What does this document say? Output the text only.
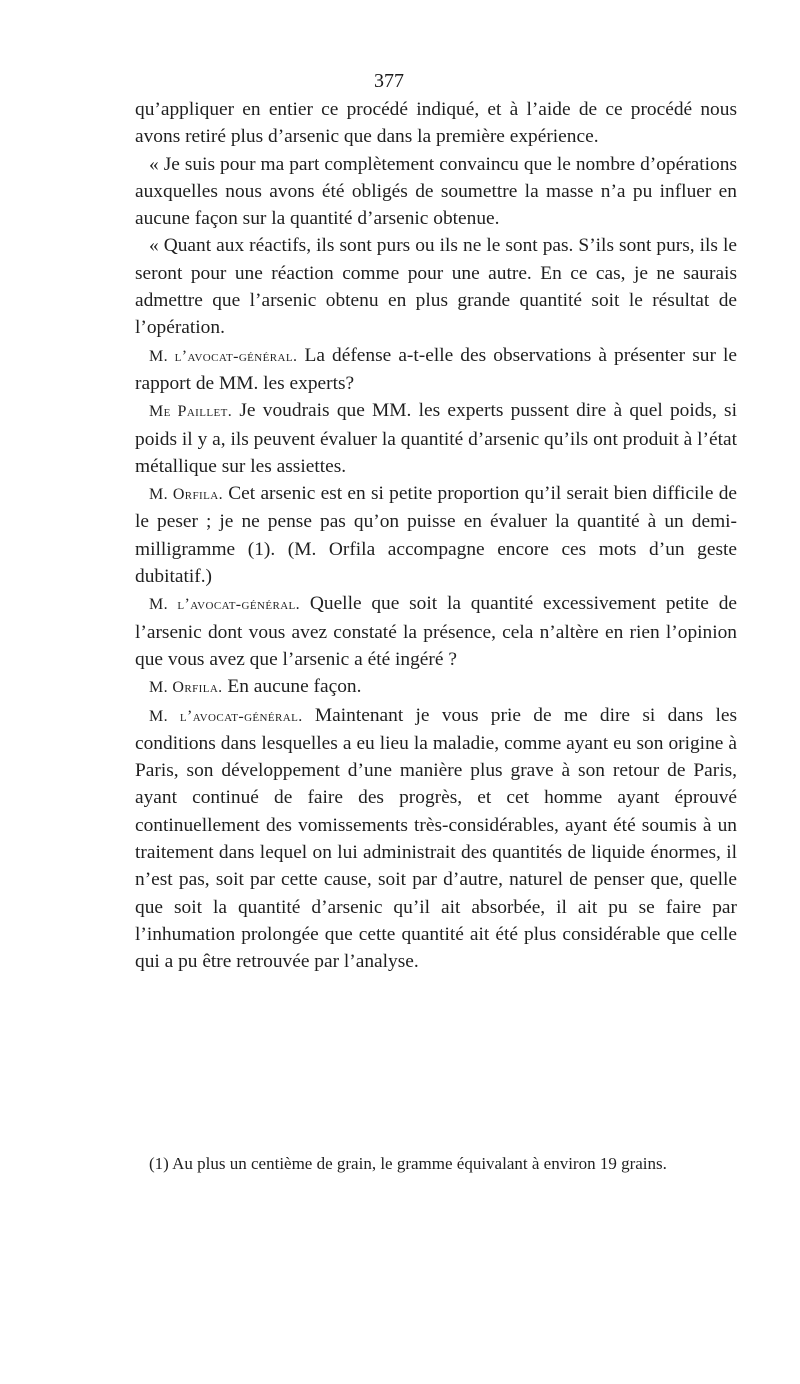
377

qu’appliquer en entier ce procédé indiqué, et à l’aide de ce procédé nous avons retiré plus d’arsenic que dans la première expérience.

« Je suis pour ma part complètement convaincu que le nombre d’opérations auxquelles nous avons été obligés de soumettre la masse n’a pu influer en aucune façon sur la quantité d’arsenic obtenue.

« Quant aux réactifs, ils sont purs ou ils ne le sont pas. S’ils sont purs, ils le seront pour une réaction comme pour une autre. En ce cas, je ne saurais admettre que l’arsenic obtenu en plus grande quantité soit le résultat de l’opération.

M. l’avocat-général. La défense a-t-elle des observations à présenter sur le rapport de MM. les experts?

Me Paillet. Je voudrais que MM. les experts pussent dire à quel poids, si poids il y a, ils peuvent évaluer la quantité d’arsenic qu’ils ont produit à l’état métallique sur les assiettes.

M. Orfila. Cet arsenic est en si petite proportion qu’il serait bien difficile de le peser ; je ne pense pas qu’on puisse en évaluer la quantité à un demi-milligramme (1). (M. Orfila accompagne encore ces mots d’un geste dubitatif.)

M. l’avocat-général. Quelle que soit la quantité excessivement petite de l’arsenic dont vous avez constaté la présence, cela n’altère en rien l’opinion que vous avez que l’arsenic a été ingéré ?

M. Orfila. En aucune façon.

M. l’avocat-général. Maintenant je vous prie de me dire si dans les conditions dans lesquelles a eu lieu la maladie, comme ayant eu son origine à Paris, son développement d’une manière plus grave à son retour de Paris, ayant continué de faire des progrès, et cet homme ayant éprouvé continuellement des vomissements très-considérables, ayant été soumis à un traitement dans lequel on lui administrait des quantités de liquide énormes, il n’est pas, soit par cette cause, soit par d’autre, naturel de penser que, quelle que soit la quantité d’arsenic qu’il ait absorbée, il ait pu se faire par l’inhumation prolongée que cette quantité ait été plus considérable que celle qui a pu être retrouvée par l’analyse.

(1) Au plus un centième de grain, le gramme équivalant à environ 19 grains.
